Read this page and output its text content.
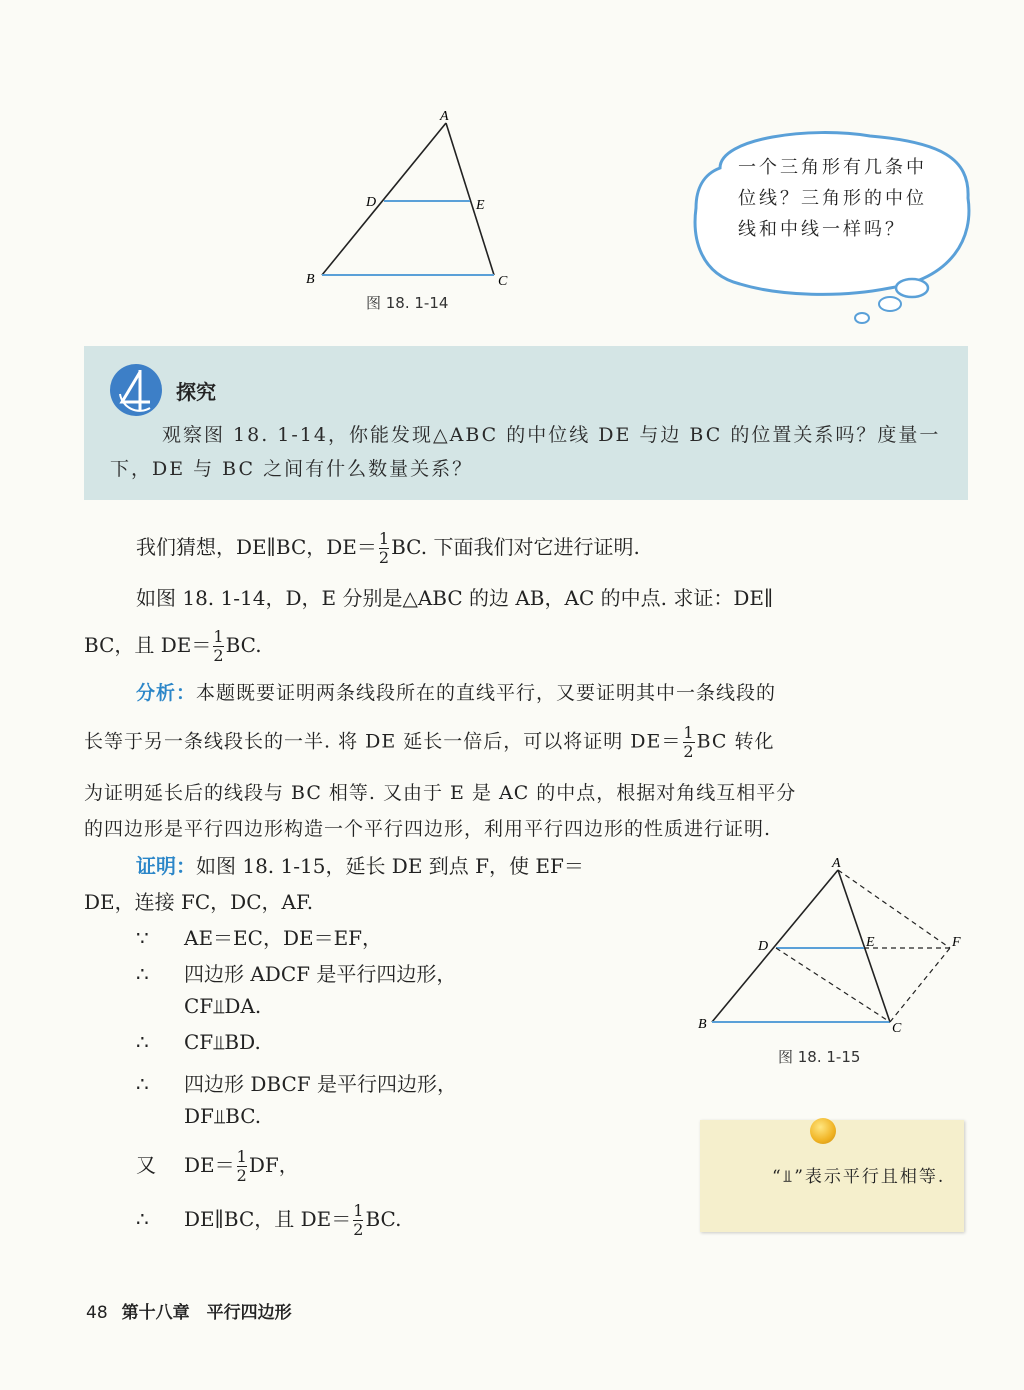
A
D	E
B	C
图 18. 1-14
一个三角形有几条中位线？三角形的中位线和中线一样吗？
探究
观察图 18. 1-14，你能发现△ABC 的中位线 DE 与边 BC 的位置关系吗？度量一下，DE 与 BC 之间有什么数量关系？
我们猜想，DE∥BC，$DE= \frac{1}{2}$ BC. 下面我们对它进行证明.
如图 18. 1-14，D，E 分别是△ABC 的边 AB，AC 的中点. 求证：DE∥
BC，且 $DE= \frac{1}{2}$ BC.
分析：本题既要证明两条线段所在的直线平行，又要证明其中一条线段的
长等于另一条线段长的一半. 将 DE 延长一倍后，可以将证明 $DE= \frac{1}{2}$ BC 转化
为证明延长后的线段与 BC 相等. 又由于 E 是 AC 的中点，根据对角线互相平分
的四边形是平行四边形构造一个平行四边形，利用平行四边形的性质进行证明.
证明：如图 18. 1-15，延长 DE 到点 F，使 EF＝
DE，连接 FC，DC，AF.
∵ AE＝EC，DE＝EF，
∴ 四边形 ADCF 是平行四边形，
CF⫫DA.
∴ CF⫫BD.
∴ 四边形 DBCF 是平行四边形，
DF⫫BC.
又 $DE= \frac{1}{2}$ DF，
∴ DE∥BC，且 $DE= \frac{1}{2}$ BC.
A
D	E	F
B	C
图 18. 1-15
“⫫”表示平行且相等.
48 第十八章　平行四边形
